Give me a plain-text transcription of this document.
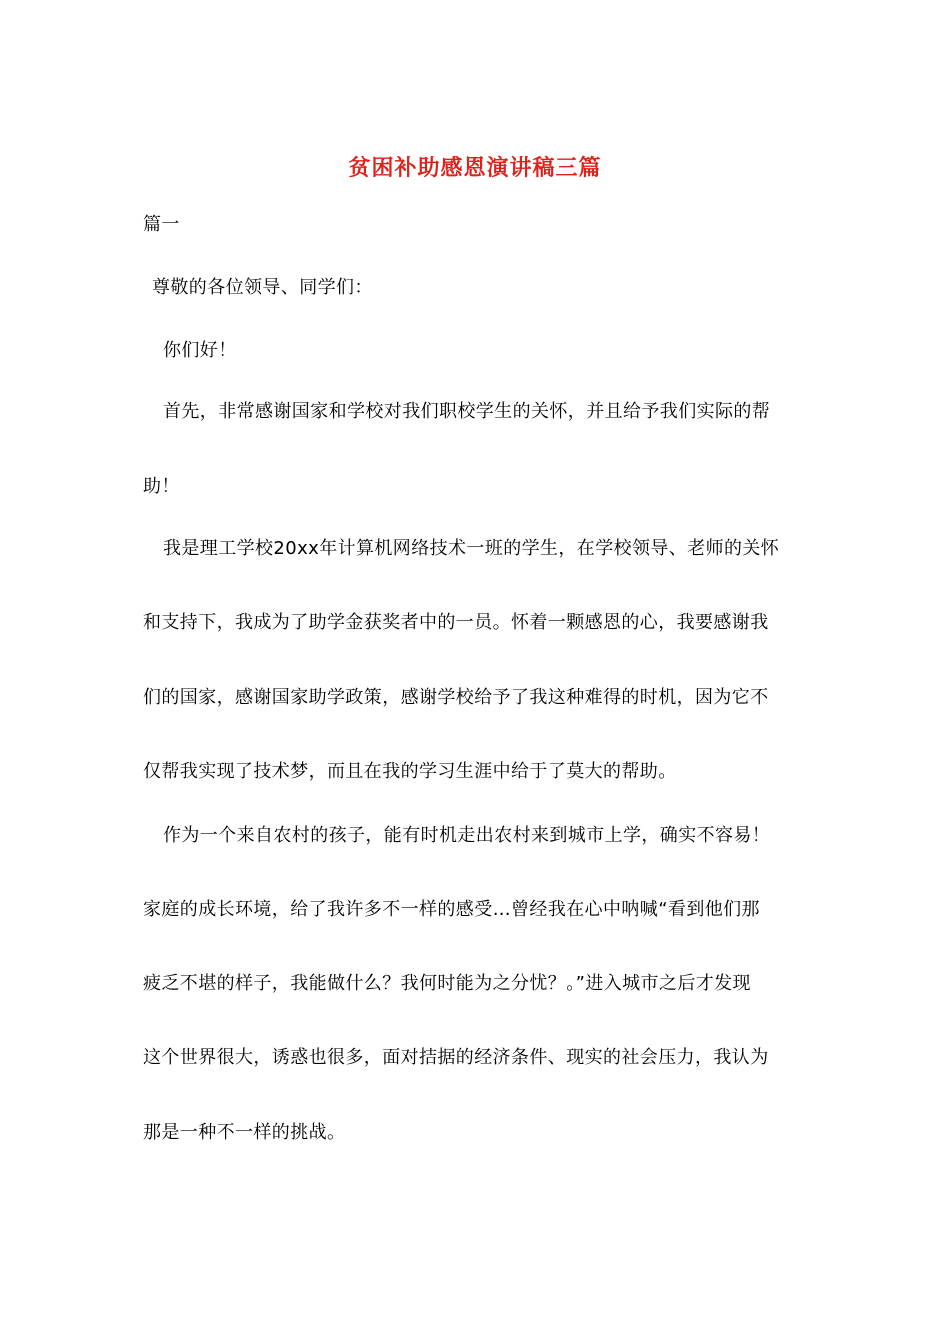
贫困补助感恩演讲稿三篇
篇一
尊敬的各位领导、同学们：
你们好！
首先，非常感谢国家和学校对我们职校学生的关怀，并且给予我们实际的帮
助！
我是理工学校20xx年计算机网络技术一班的学生，在学校领导、老师的关怀
和支持下，我成为了助学金获奖者中的一员。怀着一颗感恩的心，我要感谢我
们的国家，感谢国家助学政策，感谢学校给予了我这种难得的时机，因为它不
仅帮我实现了技术梦，而且在我的学习生涯中给于了莫大的帮助。
作为一个来自农村的孩子，能有时机走出农村来到城市上学，确实不容易！
家庭的成长环境，给了我许多不一样的感受…曾经我在心中呐喊“看到他们那
疲乏不堪的样子，我能做什么？我何时能为之分忧？。”进入城市之后才发现
这个世界很大，诱惑也很多，面对拮据的经济条件、现实的社会压力，我认为
那是一种不一样的挑战。
